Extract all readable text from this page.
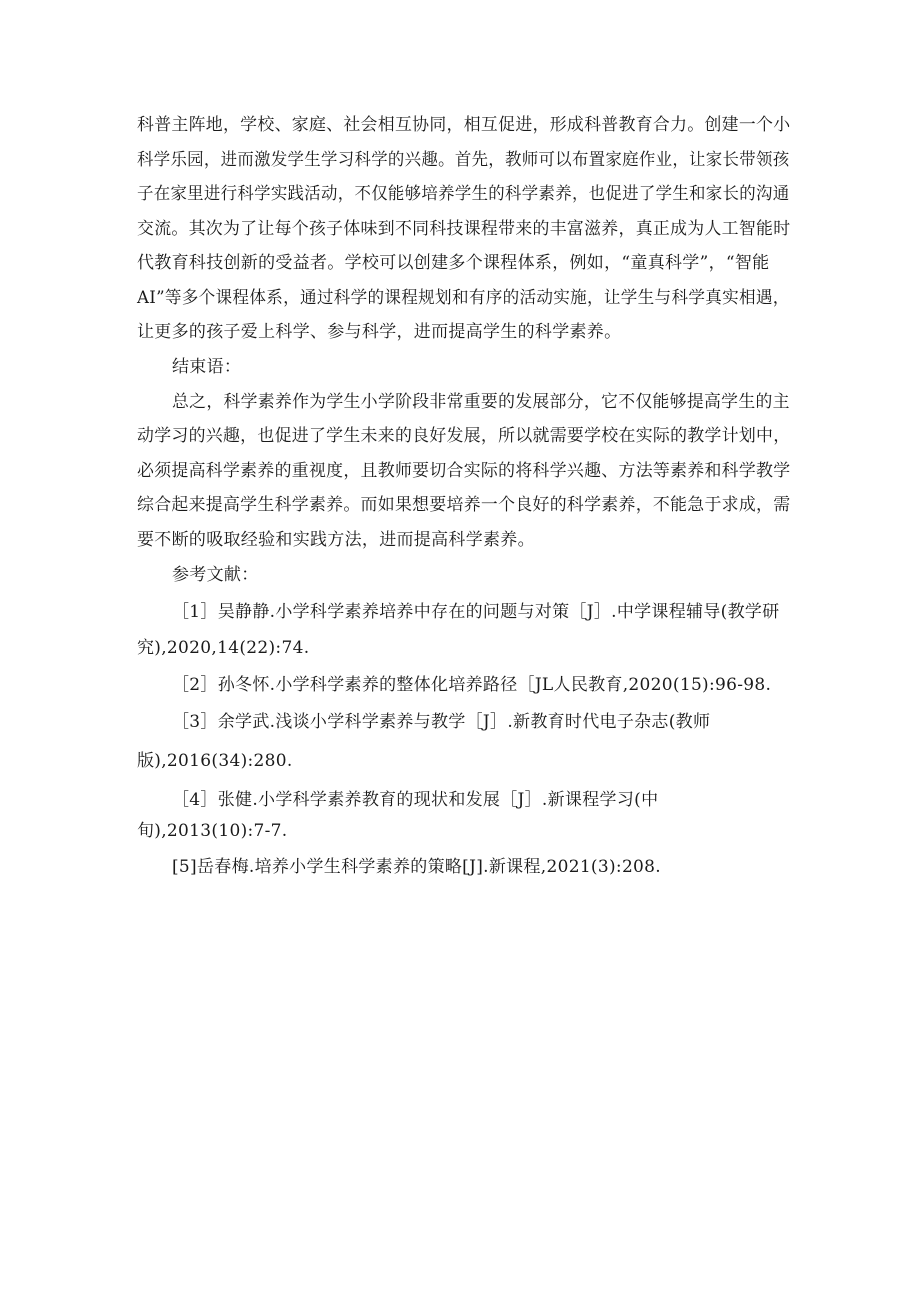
科普主阵地，学校、家庭、社会相互协同，相互促进，形成科普教育合力。创建一个小
科学乐园，进而激发学生学习科学的兴趣。首先，教师可以布置家庭作业，让家长带领孩
子在家里进行科学实践活动，不仅能够培养学生的科学素养，也促进了学生和家长的沟通
交流。其次为了让每个孩子体味到不同科技课程带来的丰富滋养，真正成为人工智能时
代教育科技创新的受益者。学校可以创建多个课程体系，例如，“童真科学”，“智能
AI”等多个课程体系，通过科学的课程规划和有序的活动实施，让学生与科学真实相遇，
让更多的孩子爱上科学、参与科学，进而提高学生的科学素养。
结束语：
总之，科学素养作为学生小学阶段非常重要的发展部分，它不仅能够提高学生的主
动学习的兴趣，也促进了学生未来的良好发展，所以就需要学校在实际的教学计划中，
必须提高科学素养的重视度，且教师要切合实际的将科学兴趣、方法等素养和科学教学
综合起来提高学生科学素养。而如果想要培养一个良好的科学素养，不能急于求成，需
要不断的吸取经验和实践方法，进而提高科学素养。
参考文献：
［1］吴静静.小学科学素养培养中存在的问题与对策［J］.中学课程辅导(教学研
究),2020,14(22):74.
［2］孙冬怀.小学科学素养的整体化培养路径［JL人民教育,2020(15):96-98.
［3］余学武.浅谈小学科学素养与教学［J］.新教育时代电子杂志(教师
版),2016(34):280.
［4］张健.小学科学素养教育的现状和发展［J］.新课程学习(中
旬),2013(10):7-7.
[5]岳春梅.培养小学生科学素养的策略[J].新课程,2021(3):208.
